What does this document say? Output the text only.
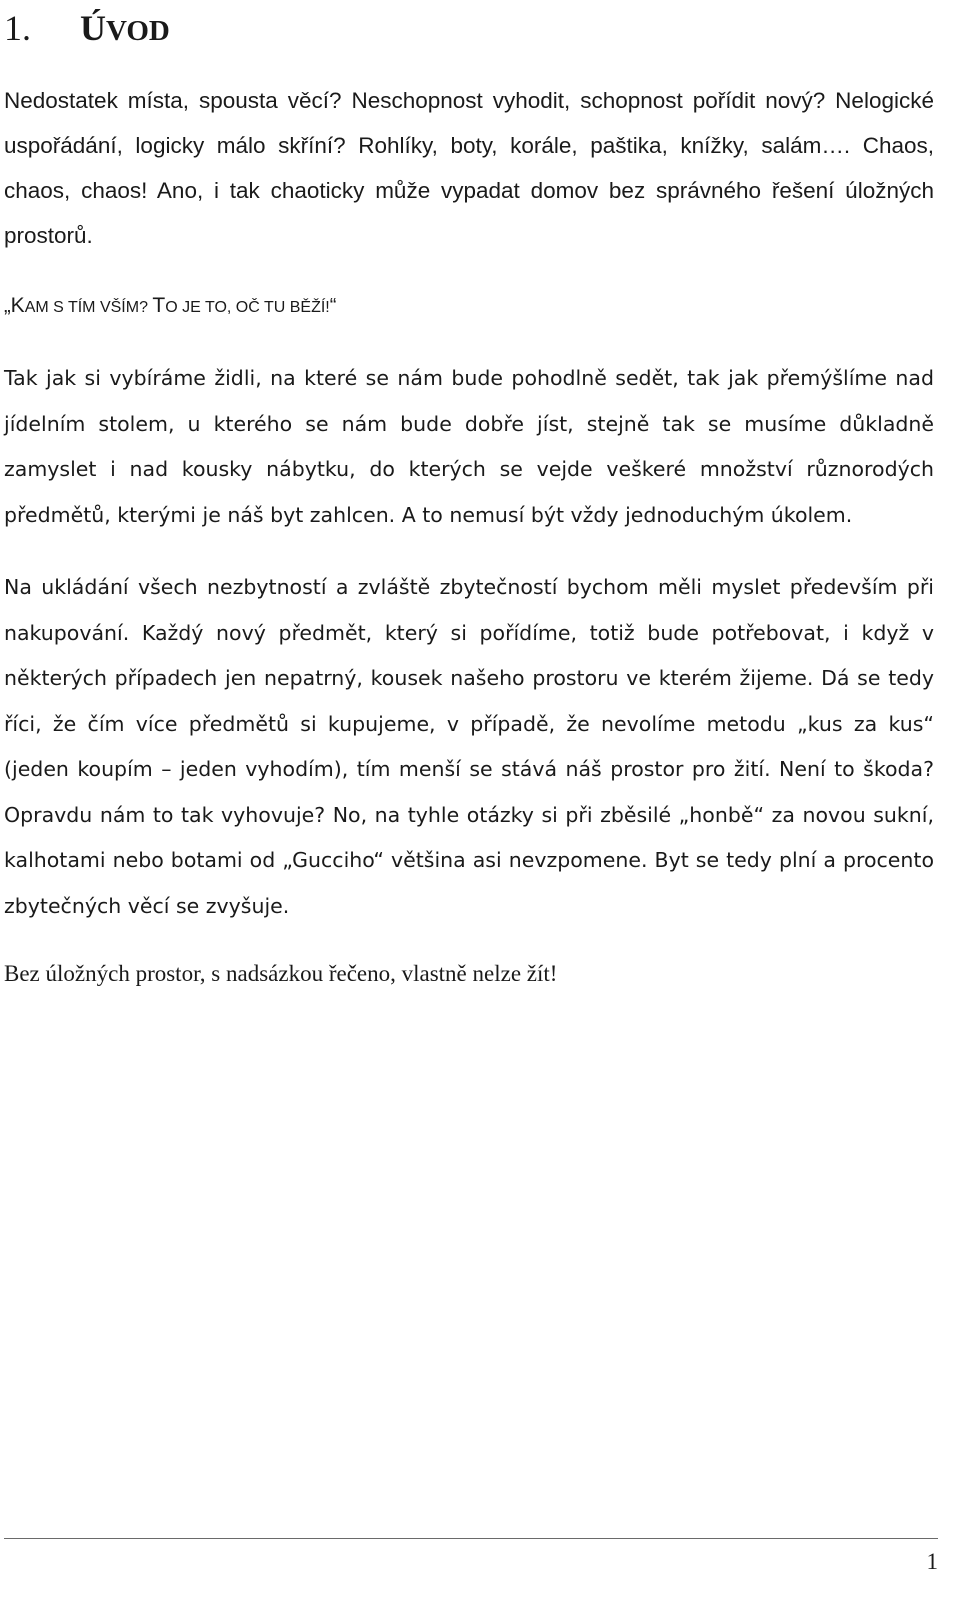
1. ÚVOD

Nedostatek místa, spousta věcí? Neschopnost vyhodit, schopnost pořídit nový? Nelogické uspořádání, logicky málo skříní? Rohlíky, boty, korále, paštika, knížky, salám…. Chaos, chaos, chaos! Ano, i tak chaoticky může vypadat domov bez správného řešení úložných prostorů.

„KAM S TÍM VŠÍM? TO JE TO, OČ TU BĚŽÍ!“

Tak jak si vybíráme židli, na které se nám bude pohodlně sedět, tak jak přemýšlíme nad jídelním stolem, u kterého se nám bude dobře jíst, stejně tak se musíme důkladně zamyslet i nad kousky nábytku, do kterých se vejde veškeré množství různorodých předmětů, kterými je náš byt zahlcen. A to nemusí být vždy jednoduchým úkolem.

Na ukládání všech nezbytností a zvláště zbytečností bychom měli myslet především při nakupování. Každý nový předmět, který si pořídíme, totiž bude potřebovat, i když v některých případech jen nepatrný, kousek našeho prostoru ve kterém žijeme. Dá se tedy říci, že čím více předmětů si kupujeme, v případě, že nevolíme metodu „kus za kus“ (jeden koupím – jeden vyhodím), tím menší se stává náš prostor pro žití. Není to škoda? Opravdu nám to tak vyhovuje? No, na tyhle otázky si při zběsilé „honbě“ za novou sukní, kalhotami nebo botami od „Gucciho“ většina asi nevzpomene. Byt se tedy plní a procento zbytečných věcí se zvyšuje.

Bez úložných prostor, s nadsázkou řečeno, vlastně nelze žít!

1
